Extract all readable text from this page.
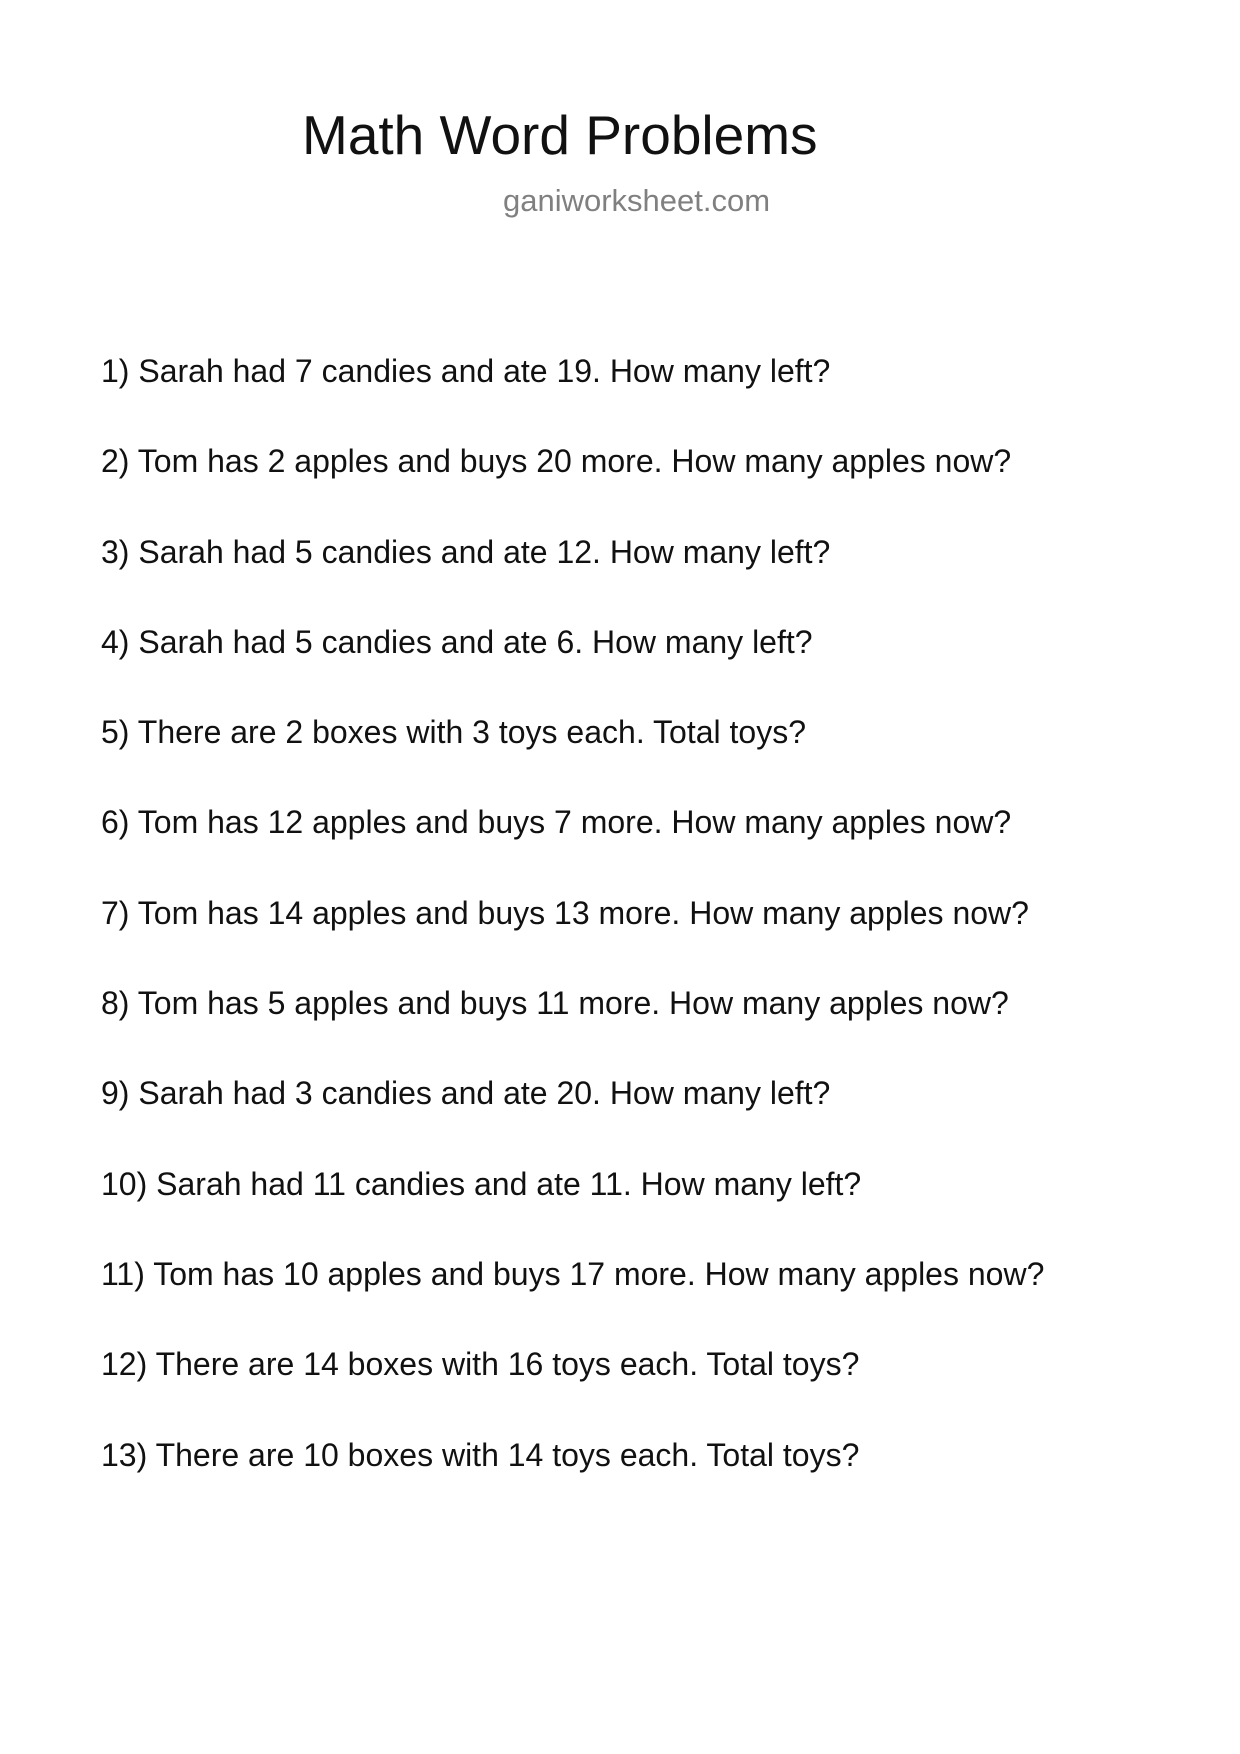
Math Word Problems
ganiworksheet.com
1) Sarah had 7 candies and ate 19. How many left?
2) Tom has 2 apples and buys 20 more. How many apples now?
3) Sarah had 5 candies and ate 12. How many left?
4) Sarah had 5 candies and ate 6. How many left?
5) There are 2 boxes with 3 toys each. Total toys?
6) Tom has 12 apples and buys 7 more. How many apples now?
7) Tom has 14 apples and buys 13 more. How many apples now?
8) Tom has 5 apples and buys 11 more. How many apples now?
9) Sarah had 3 candies and ate 20. How many left?
10) Sarah had 11 candies and ate 11. How many left?
11) Tom has 10 apples and buys 17 more. How many apples now?
12) There are 14 boxes with 16 toys each. Total toys?
13) There are 10 boxes with 14 toys each. Total toys?
